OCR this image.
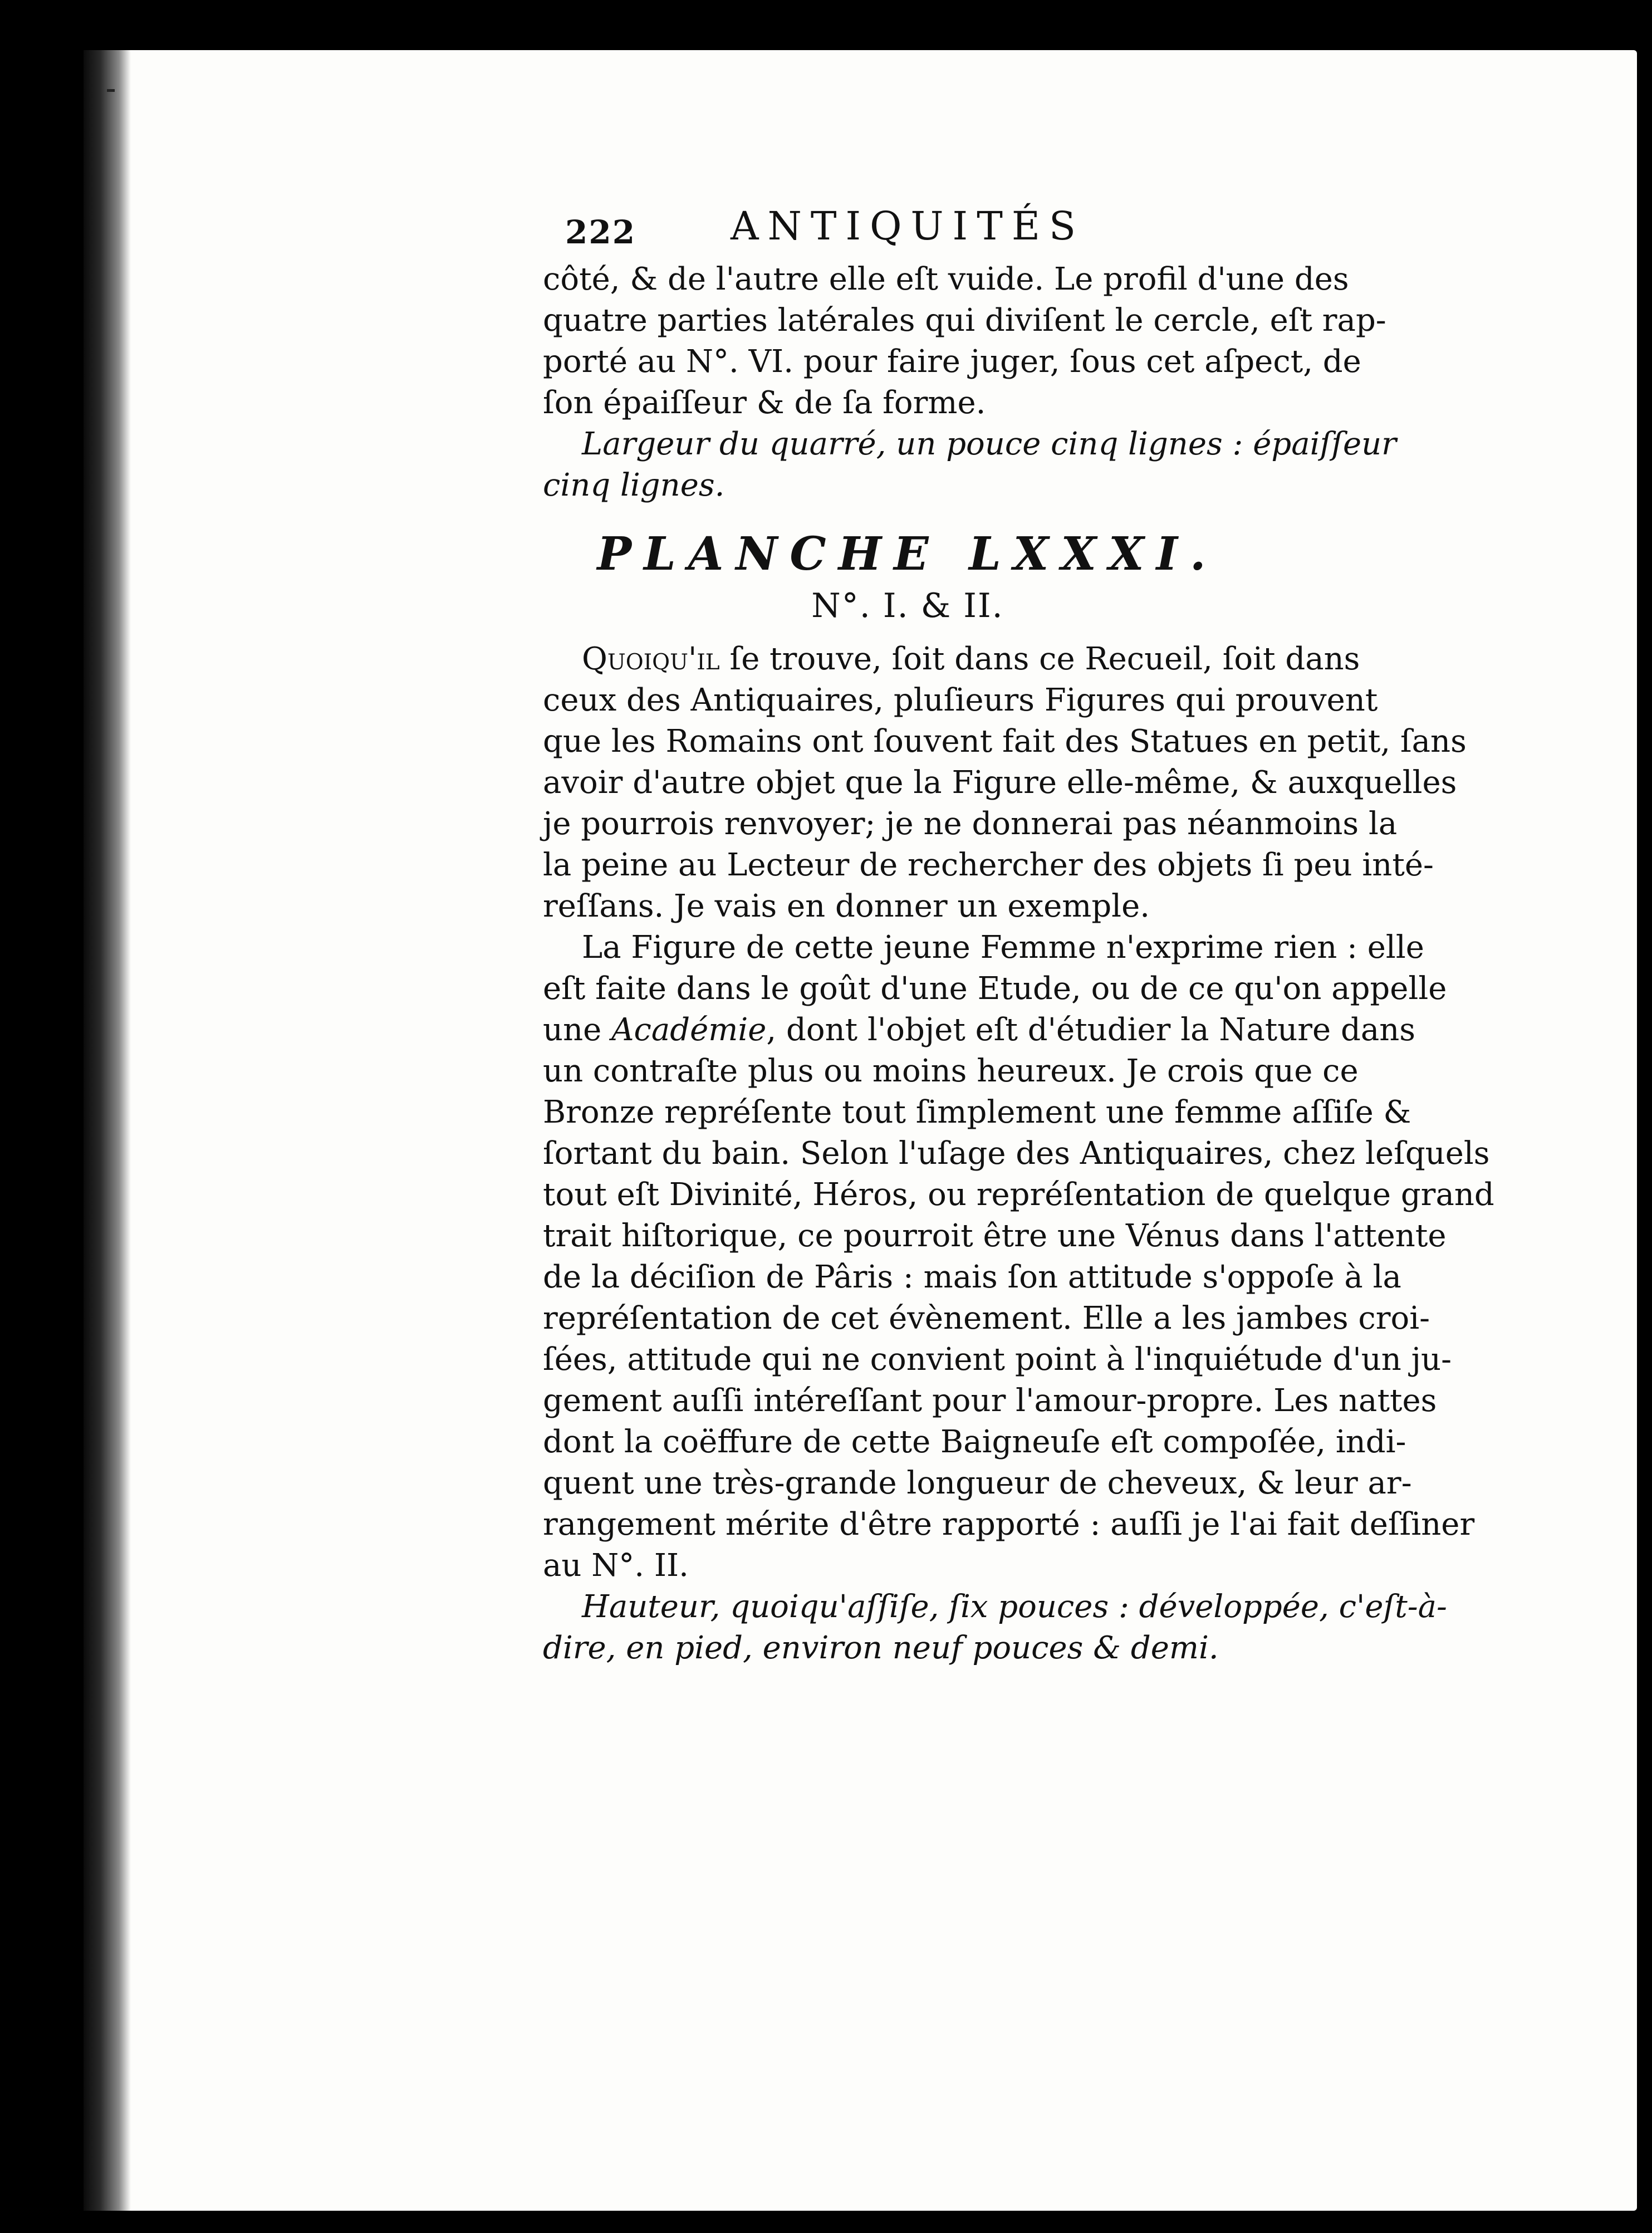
222	ANTIQUITÉS

côté, & de l'autre elle eſt vuide. Le profil d'une des
quatre parties latérales qui diviſent le cercle, eſt rap-
porté au N°. VI. pour faire juger, ſous cet aſpect, de
ſon épaiſſeur & de ſa forme.

Largeur du quarré, un pouce cinq lignes : épaiſſeur
cinq lignes.

PLANCHE LXXXI.
N°. I. & II.

Quoiqu'il ſe trouve, ſoit dans ce Recueil, ſoit dans
ceux des Antiquaires, pluſieurs Figures qui prouvent
que les Romains ont ſouvent fait des Statues en petit, ſans
avoir d'autre objet que la Figure elle-même, & auxquelles
je pourrois renvoyer; je ne donnerai pas néanmoins la
la peine au Lecteur de rechercher des objets ſi peu inté-
reſſans. Je vais en donner un exemple.

La Figure de cette jeune Femme n'exprime rien : elle
eſt faite dans le goût d'une Etude, ou de ce qu'on appelle
une Académie, dont l'objet eſt d'étudier la Nature dans
un contraſte plus ou moins heureux. Je crois que ce
Bronze repréſente tout ſimplement une femme aſſiſe &
ſortant du bain. Selon l'uſage des Antiquaires, chez leſquels
tout eſt Divinité, Héros, ou repréſentation de quelque grand
trait hiſtorique, ce pourroit être une Vénus dans l'attente
de la déciſion de Pâris : mais ſon attitude s'oppoſe à la
repréſentation de cet évènement. Elle a les jambes croi-
ſées, attitude qui ne convient point à l'inquiétude d'un ju-
gement auſſi intéreſſant pour l'amour-propre. Les nattes
dont la coëffure de cette Baigneuſe eſt compoſée, indi-
quent une très-grande longueur de cheveux, & leur ar-
rangement mérite d'être rapporté : auſſi je l'ai fait deſſiner
au N°. II.

Hauteur, quoiqu'aſſiſe, ſix pouces : développée, c'eſt-à-
dire, en pied, environ neuf pouces & demi.
